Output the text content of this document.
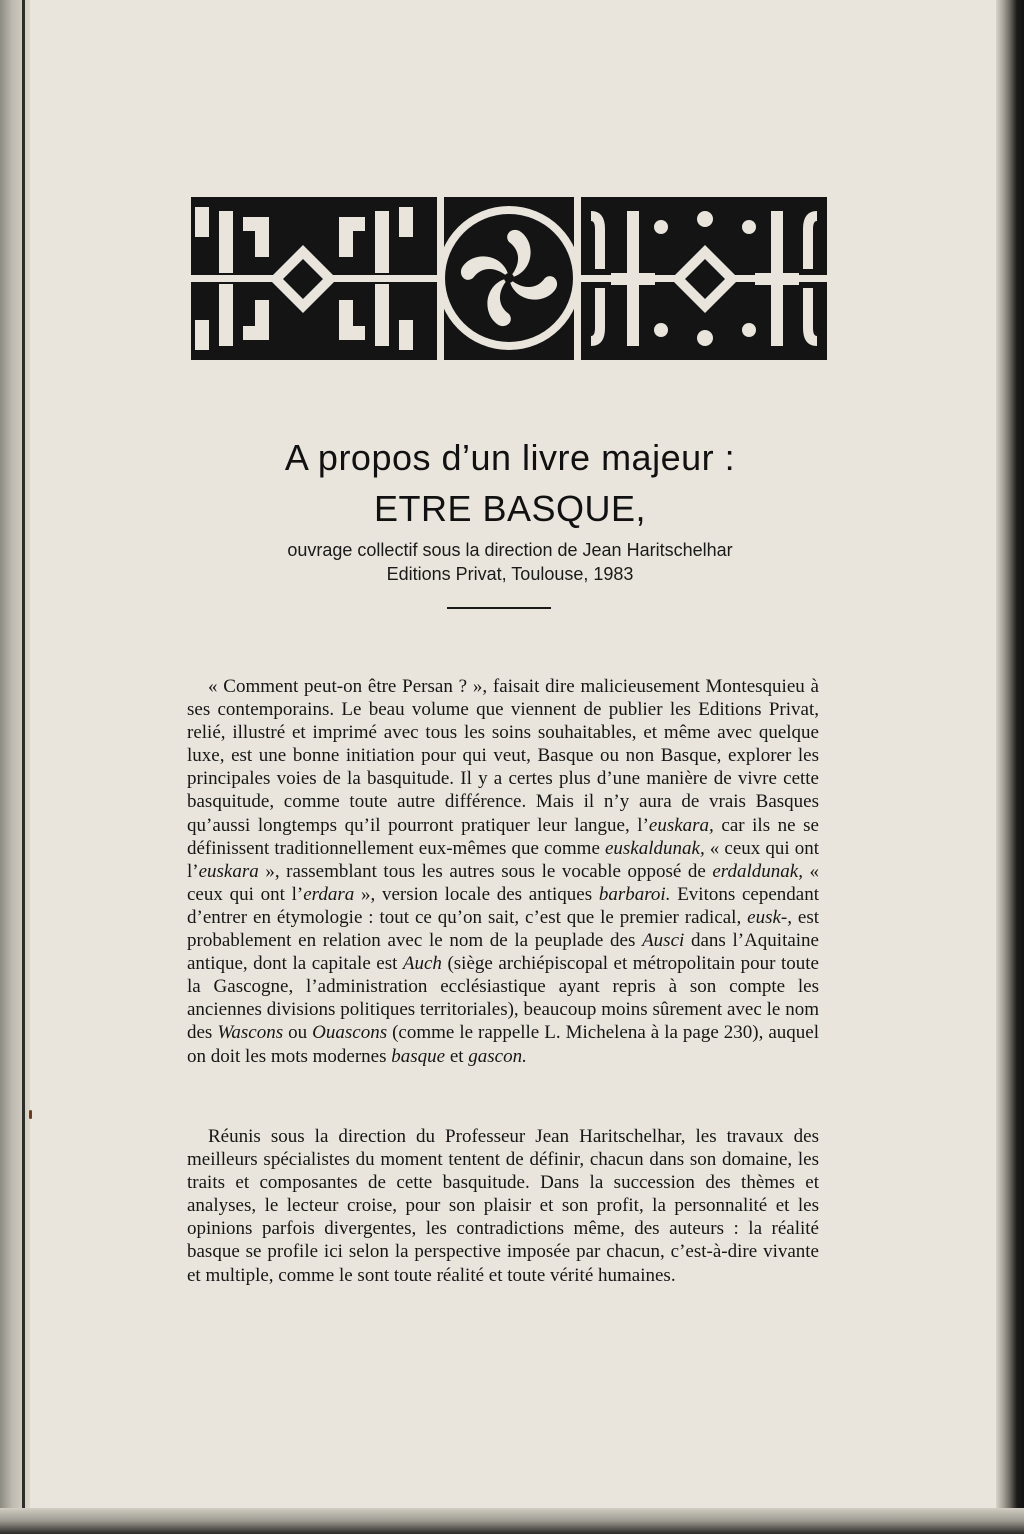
A propos d’un livre majeur :
ETRE BASQUE,
ouvrage collectif sous la direction de Jean Haritschelhar
Editions Privat, Toulouse, 1983

« Comment peut-on être Persan ? », faisait dire malicieusement Montesquieu à ses contemporains. Le beau volume que viennent de publier les Editions Privat, relié, illustré et imprimé avec tous les soins souhaitables, et même avec quelque luxe, est une bonne initiation pour qui veut, Basque ou non Basque, explorer les principales voies de la basquitude. Il y a certes plus d’une manière de vivre cette basquitude, comme toute autre différence. Mais il n’y aura de vrais Basques qu’aussi longtemps qu’il pourront pratiquer leur langue, l’euskara, car ils ne se définissent traditionnellement eux-mêmes que comme euskaldunak, « ceux qui ont l’euskara », rassemblant tous les autres sous le vocable opposé de erdaldunak, « ceux qui ont l’erdara », version locale des antiques barbaroi. Evitons cependant d’entrer en étymologie : tout ce qu’on sait, c’est que le premier radical, eusk-, est probablement en relation avec le nom de la peuplade des Ausci dans l’Aquitaine antique, dont la capitale est Auch (siège archiépiscopal et métropolitain pour toute la Gascogne, l’administration ecclésiastique ayant repris à son compte les anciennes divisions politiques territoriales), beaucoup moins sûrement avec le nom des Wascons ou Ouascons (comme le rappelle L. Michelena à la page 230), auquel on doit les mots modernes basque et gascon.

Réunis sous la direction du Professeur Jean Haritschelhar, les travaux des meilleurs spécialistes du moment tentent de définir, chacun dans son domaine, les traits et composantes de cette basquitude. Dans la succession des thèmes et analyses, le lecteur croise, pour son plaisir et son profit, la personnalité et les opinions parfois divergentes, les contradictions même, des auteurs : la réalité basque se profile ici selon la perspective imposée par chacun, c’est-à-dire vivante et multiple, comme le sont toute réalité et toute vérité humaines.
